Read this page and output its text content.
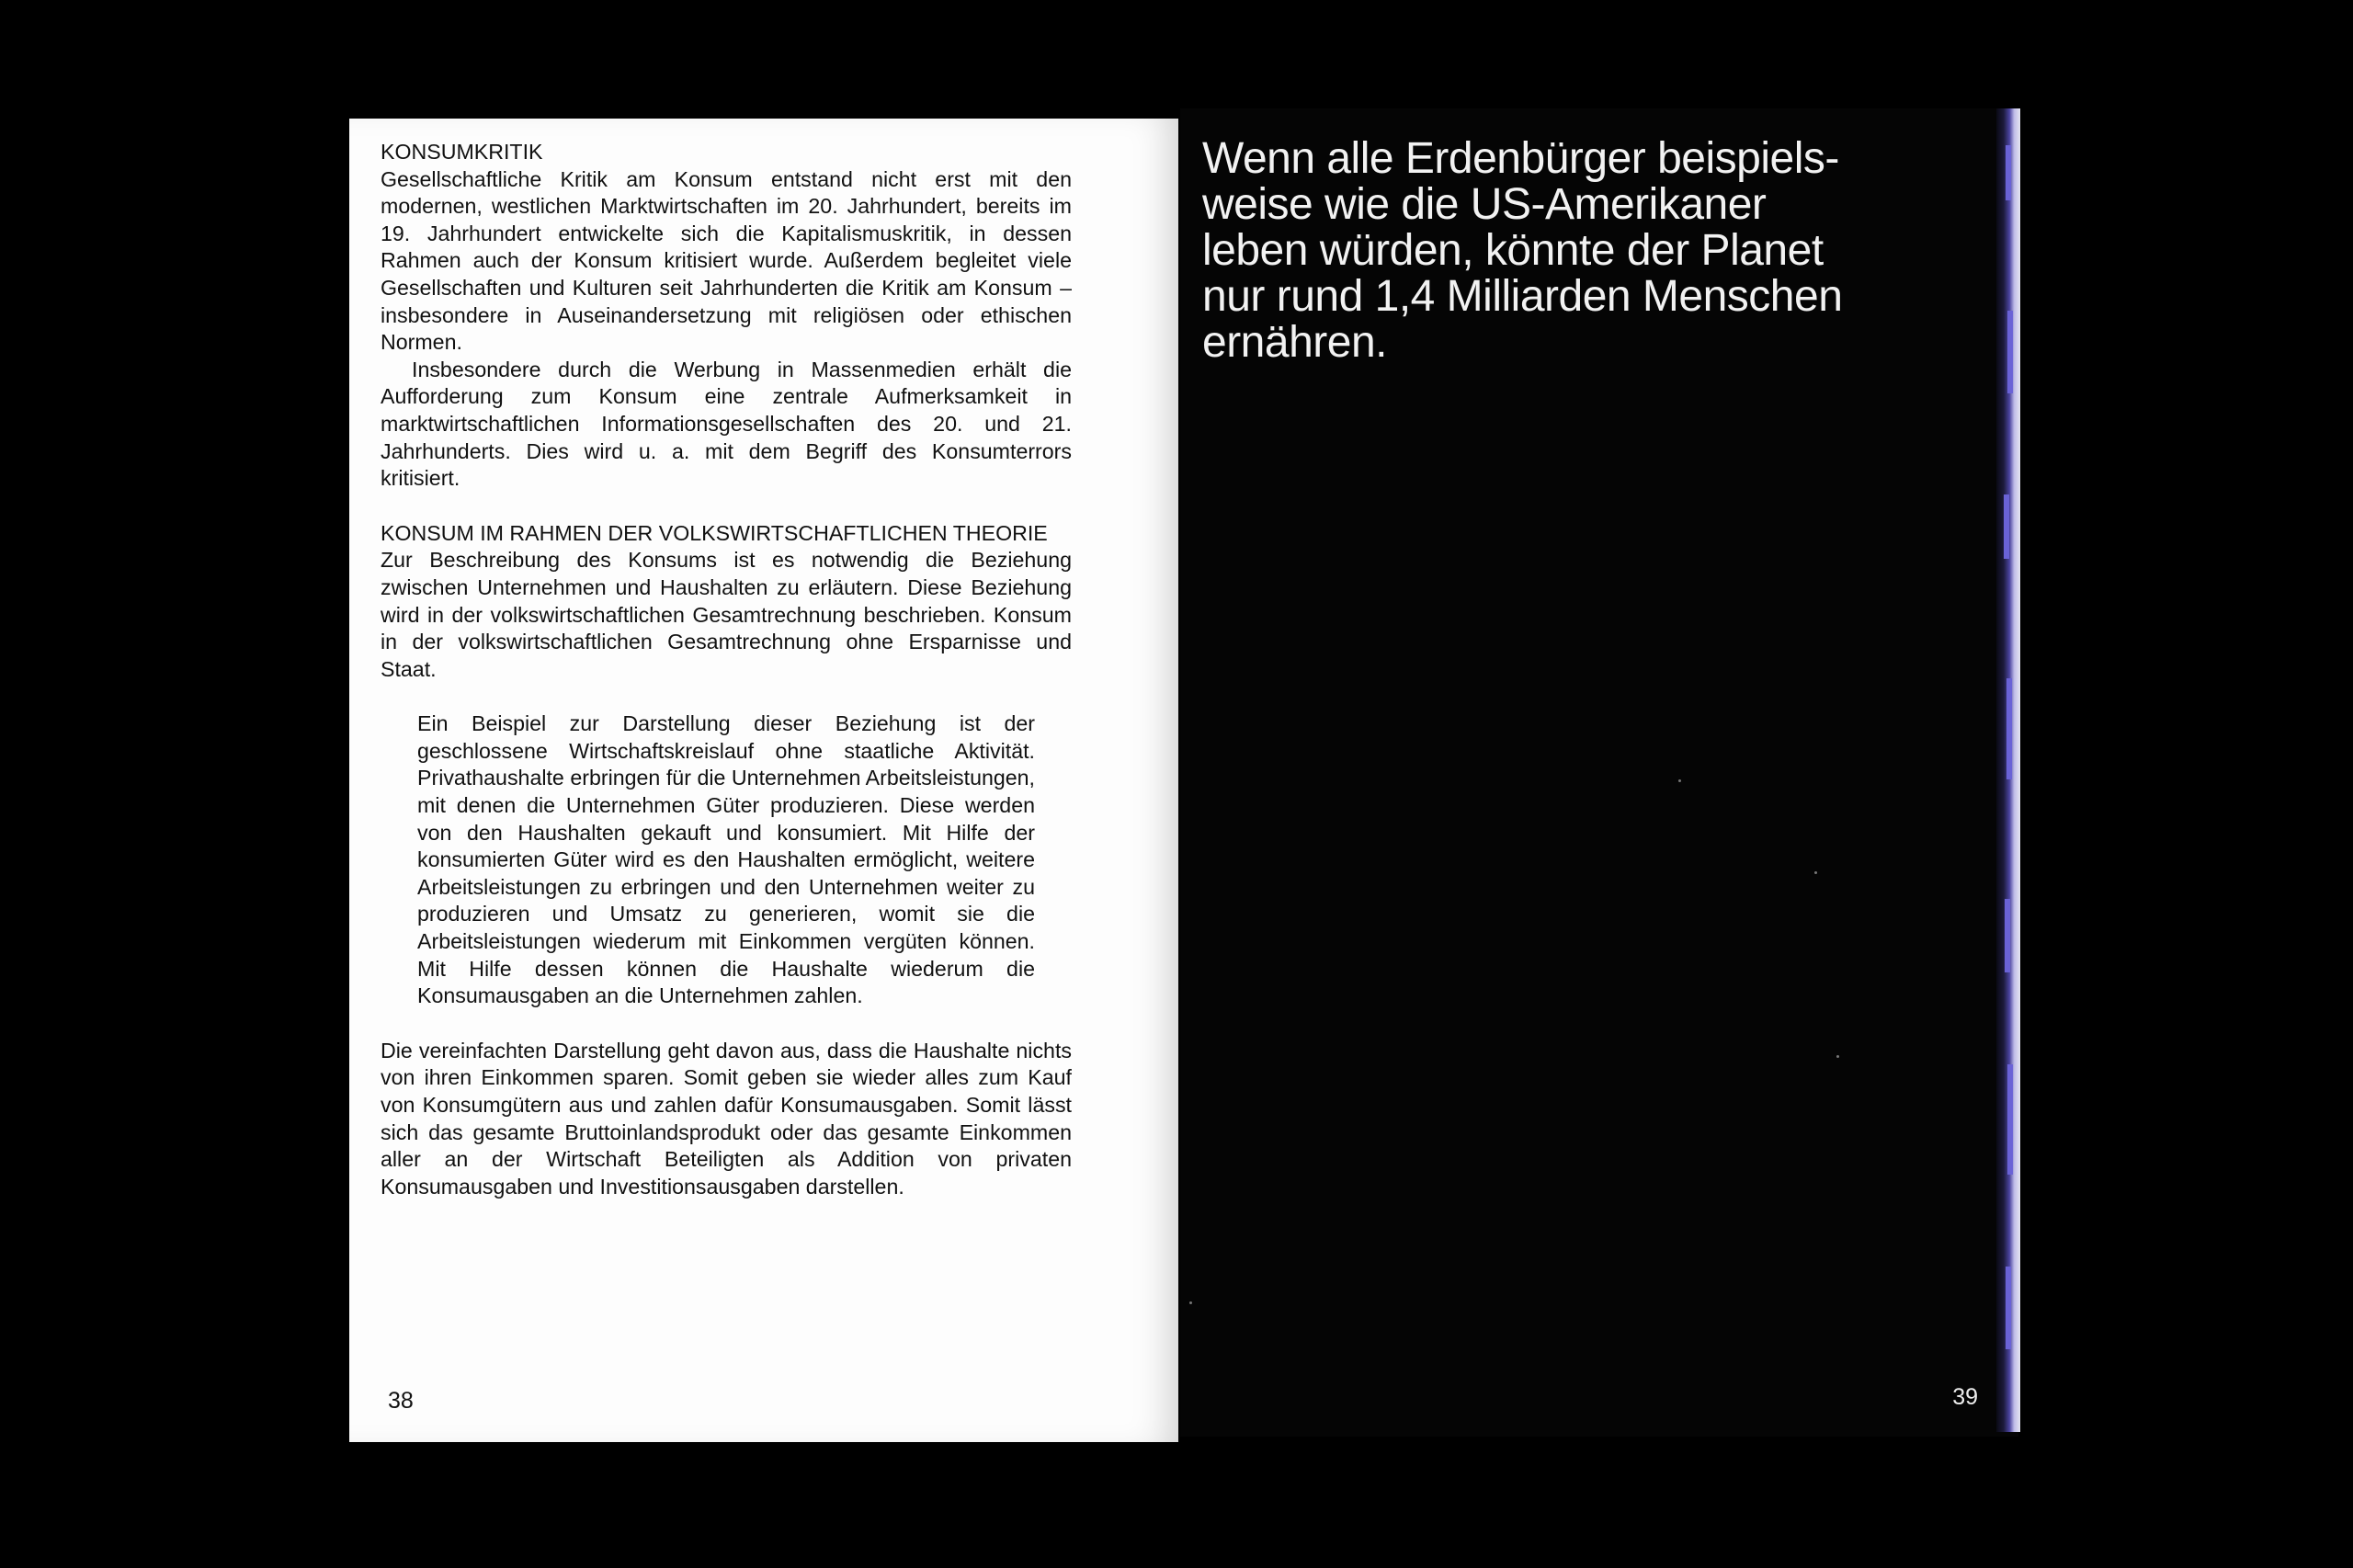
KONSUMKRITIK

Gesellschaftliche Kritik am Konsum entstand nicht erst mit den modernen, westlichen Marktwirtschaften im 20. Jahrhundert, bereits im 19. Jahrhundert entwickelte sich die Kapitalismuskritik, in dessen Rahmen auch der Konsum kritisiert wurde. Außerdem begleitet viele Gesellschaften und Kulturen seit Jahrhunderten die Kritik am Konsum – insbesondere in Auseinandersetzung mit religiösen oder ethischen Normen.

Insbesondere durch die Werbung in Massenmedien erhält die Aufforderung zum Konsum eine zentrale Aufmerksamkeit in marktwirtschaftlichen Informationsgesellschaften des 20. und 21. Jahrhunderts. Dies wird u. a. mit dem Begriff des Konsumterrors kritisiert.

KONSUM IM RAHMEN DER VOLKSWIRTSCHAFTLICHEN THEORIE

Zur Beschreibung des Konsums ist es notwendig die Beziehung zwischen Unternehmen und Haushalten zu erläutern. Diese Beziehung wird in der volkswirtschaftlichen Gesamtrechnung beschrieben. Konsum in der volkswirtschaftlichen Gesamtrechnung ohne Ersparnisse und Staat.

Ein Beispiel zur Darstellung dieser Beziehung ist der geschlossene Wirtschaftskreislauf ohne staatliche Aktivität. Privathaushalte erbringen für die Unternehmen Arbeitsleistungen, mit denen die Unternehmen Güter produzieren. Diese werden von den Haushalten gekauft und konsumiert. Mit Hilfe der konsumierten Güter wird es den Haushalten ermöglicht, weitere Arbeitsleistungen zu erbringen und den Unternehmen weiter zu produzieren und Umsatz zu generieren, womit sie die Arbeitsleistungen wiederum mit Einkommen vergüten können. Mit Hilfe dessen können die Haushalte wiederum die Konsumausgaben an die Unternehmen zahlen.

Die vereinfachten Darstellung geht davon aus, dass die Haushalte nichts von ihren Einkommen sparen. Somit geben sie wieder alles zum Kauf von Konsumgütern aus und zahlen dafür Konsumausgaben. Somit lässt sich das gesamte Bruttoinlandsprodukt oder das gesamte Einkommen aller an der Wirtschaft Beteiligten als Addition von privaten Konsumausgaben und Investitionsausgaben darstellen.

38
Wenn alle Erdenbürger beispiels-
weise wie die US-Amerikaner
leben würden, könnte der Planet
nur rund 1,4 Milliarden Menschen
ernähren.
39
